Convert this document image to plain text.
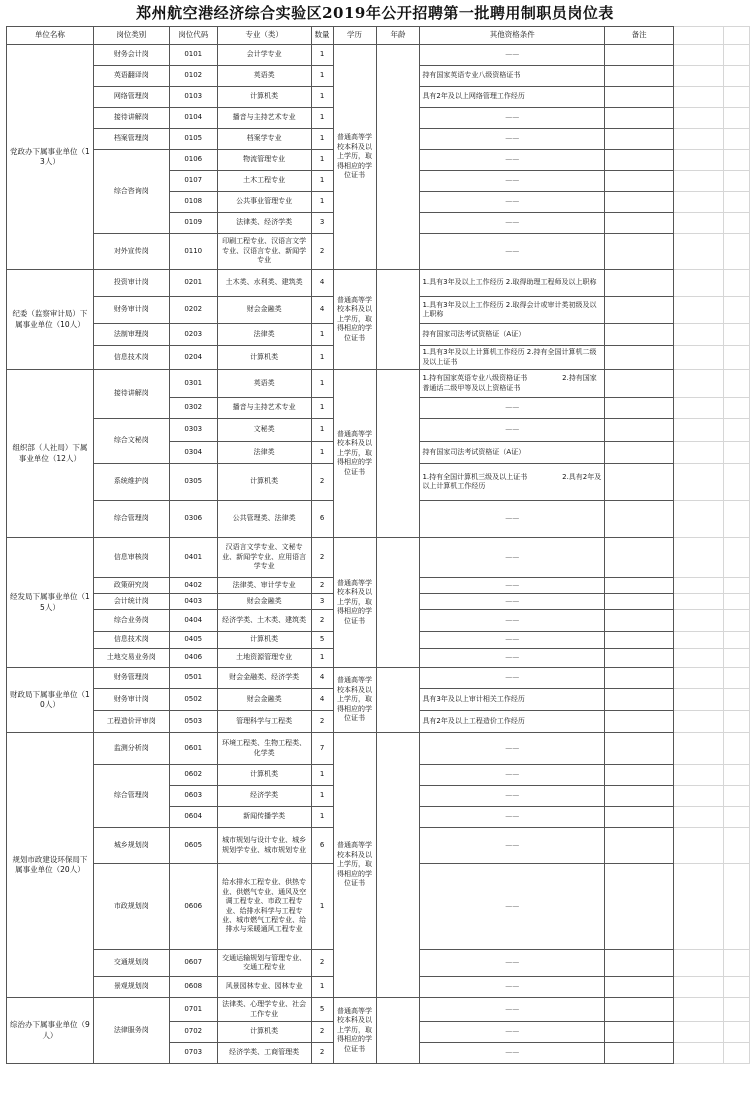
郑州航空港经济综合实验区2019年公开招聘第一批聘用制职员岗位表
单位名称	岗位类别	岗位代码	专业（类）	数量	学历	年龄	其他资格条件	备注		
党政办下属事业单位（13人）	财务会计岗	0101	会计学专业	1	普通高等学校本科及以上学历，取得相应的学位证书		——			
	英语翻译岗	0102	英语类	1			持有国家英语专业八级资格证书			
	网络管理岗	0103	计算机类	1			具有2年及以上网络管理工作经历			
	接待讲解岗	0104	播音与主持艺术专业	1			——			
	档案管理岗	0105	档案学专业	1			——			
	综合咨询岗	0106	物流管理专业	1			——			
		0107	土木工程专业	1			——			
		0108	公共事业管理专业	1			——			
		0109	法律类、经济学类	3			——			
	对外宣传岗	0110	印刷工程专业、汉语言文学专业、汉语言专业、新闻学专业	2			——			
纪委（监察审计局）下属事业单位（10人）	投资审计岗	0201	土木类、水利类、建筑类	4	普通高等学校本科及以上学历，取得相应的学位证书		1.具有3年及以上工作经历 2.取得助理工程师及以上职称			
	财务审计岗	0202	财会金融类	4			1.具有3年及以上工作经历 2.取得会计或审计类初级及以上职称			
	法制审理岗	0203	法律类	1			持有国家司法考试资格证（A证）			
	信息技术岗	0204	计算机类	1			1.具有3年及以上计算机工作经历 2.持有全国计算机二级及以上证书			
组织部（人社局）下属事业单位（12人）	接待讲解岗	0301	英语类	1	普通高等学校本科及以上学历，取得相应的学位证书		1.持有国家英语专业八级资格证书　　　　　2.持有国家普通话二级甲等及以上资格证书			
		0302	播音与主持艺术专业	1			——			
	综合文秘岗	0303	文秘类	1			——			
		0304	法律类	1			持有国家司法考试资格证（A证）			
	系统维护岗	0305	计算机类	2			1.持有全国计算机三级及以上证书　　　　　2.具有2年及以上计算机工作经历			
	综合管理岗	0306	公共管理类、法律类	6			——			
经发局下属事业单位（15人）	信息审核岗	0401	汉语言文学专业、文秘专业、新闻学专业、应用语言学专业	2	普通高等学校本科及以上学历，取得相应的学位证书		——			
	政策研究岗	0402	法律类、审计学专业	2			——			
	会计统计岗	0403	财会金融类	3			——			
	综合业务岗	0404	经济学类、土木类、建筑类	2			——			
	信息技术岗	0405	计算机类	5			——			
	土地交易业务岗	0406	土地资源管理专业	1			——			
财政局下属事业单位（10人）	财务管理岗	0501	财会金融类、经济学类	4	普通高等学校本科及以上学历，取得相应的学位证书		——			
	财务审计岗	0502	财会金融类	4			具有3年及以上审计相关工作经历			
	工程造价评审岗	0503	管理科学与工程类	2			具有2年及以上工程造价工作经历			
规划市政建设环保局下属事业单位（20人）	监测分析岗	0601	环境工程类、生物工程类、化学类	7	普通高等学校本科及以上学历，取得相应的学位证书		——			
	综合管理岗	0602	计算机类	1			——			
		0603	经济学类	1			——			
		0604	新闻传播学类	1			——			
	城乡规划岗	0605	城市规划与设计专业、城乡规划学专业、城市规划专业	6			——			
	市政规划岗	0606	给水排水工程专业、供热专业、供燃气专业、通风及空调工程专业、市政工程专业、给排水科学与工程专业、城市燃气工程专业、给排水与采暖通风工程专业	1			——			
	交通规划岗	0607	交通运输规划与管理专业、交通工程专业	2			——			
	景观规划岗	0608	风景园林专业、园林专业	1			——			
综治办下属事业单位（9人）	法律服务岗	0701	法律类、心理学专业、社会工作专业	5	普通高等学校本科及以上学历，取得相应的学位证书		——			
		0702	计算机类	2			——			
		0703	经济学类、工商管理类	2			——			
